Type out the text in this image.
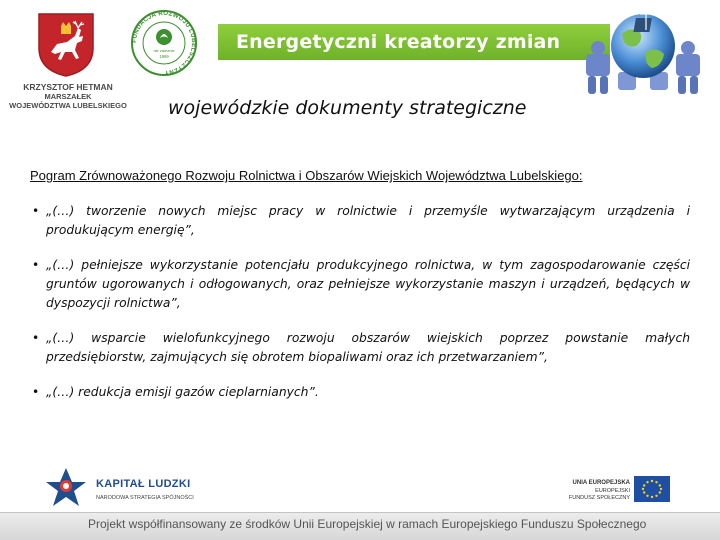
KRZYSZTOF HETMAN
MARSZAŁEK
WOJEWÓDZTWA LUBELSKIEGO
FUNDACJA ROZWOJU LUBELSZCZYZNY
nie zaleznie
1999
Energetyczni kreatorzy zmian
wojewódzkie dokumenty strategiczne
Pogram Zrównoważonego Rozwoju Rolnictwa i Obszarów Wiejskich Województwa Lubelskiego:
• „(…) tworzenie nowych miejsc pracy w rolnictwie i przemyśle wytwarzającym urządzenia i produkującym energię”,
• „(…) pełniejsze wykorzystanie potencjału produkcyjnego rolnictwa, w tym zagospodarowanie części gruntów ugorowanych i odłogowanych, oraz pełniejsze wykorzystanie maszyn i urządzeń, będących w dyspozycji rolnictwa”,
• „(…) wsparcie wielofunkcyjnego rozwoju obszarów wiejskich poprzez powstanie małych przedsiębiorstw, zajmujących się obrotem biopaliwami oraz ich przetwarzaniem”,
• „(…) redukcja emisji gazów cieplarnianych”.
KAPITAŁ LUDZKI
NARODOWA STRATEGIA SPÓJNOŚCI
UNIA EUROPEJSKA
EUROPEJSKI
FUNDUSZ SPOŁECZNY
Projekt współfinansowany ze środków Unii Europejskiej w ramach Europejskiego Funduszu Społecznego
